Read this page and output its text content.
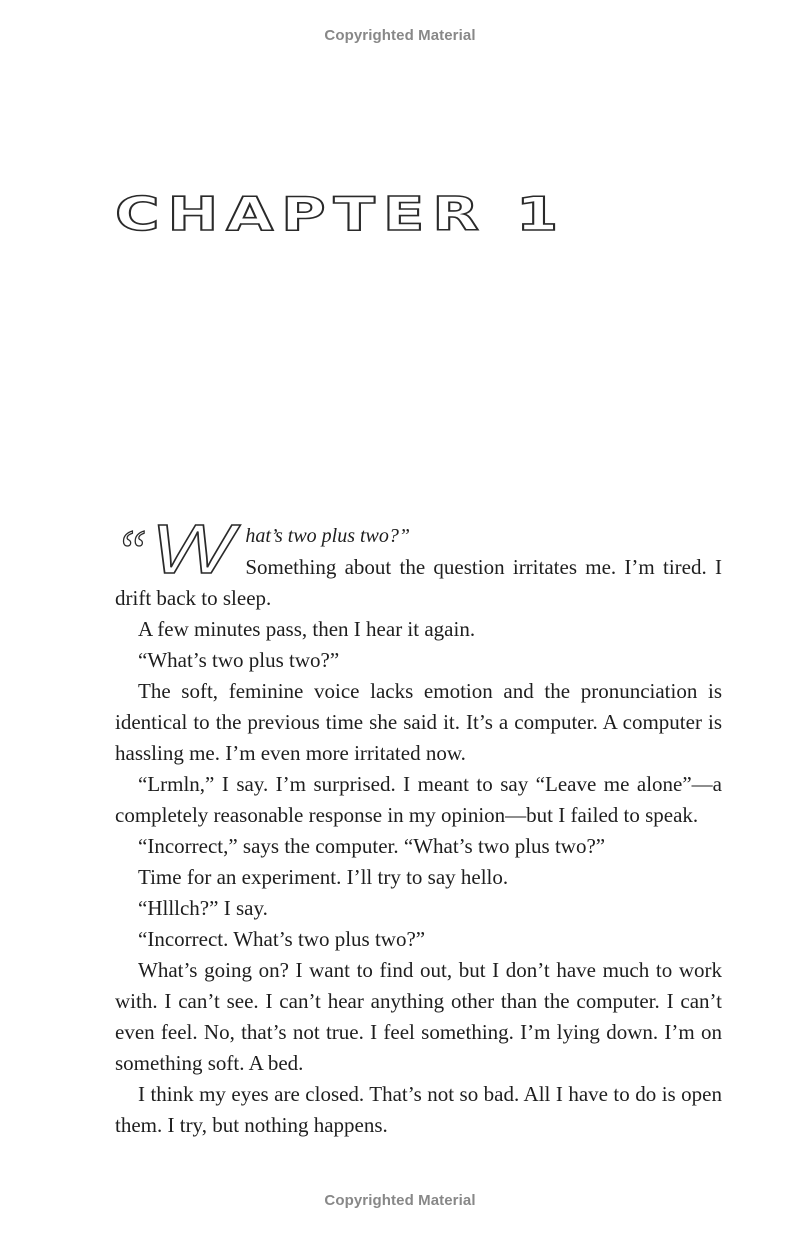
Copyrighted Material
CHAPTER 1

“ W hat’s two plus two?”
Something about the question irritates me. I’m tired. I drift back to sleep.

A few minutes pass, then I hear it again.

“What’s two plus two?”

The soft, feminine voice lacks emotion and the pronunciation is identical to the previous time she said it. It’s a computer. A computer is hassling me. I’m even more irritated now.

“Lrmln,” I say. I’m surprised. I meant to say “Leave me alone”—a completely reasonable response in my opinion—but I failed to speak.

“Incorrect,” says the computer. “What’s two plus two?”

Time for an experiment. I’ll try to say hello.

“Hlllch?” I say.

“Incorrect. What’s two plus two?”

What’s going on? I want to find out, but I don’t have much to work with. I can’t see. I can’t hear anything other than the computer. I can’t even feel. No, that’s not true. I feel something. I’m lying down. I’m on something soft. A bed.

I think my eyes are closed. That’s not so bad. All I have to do is open them. I try, but nothing happens.

Copyrighted Material
